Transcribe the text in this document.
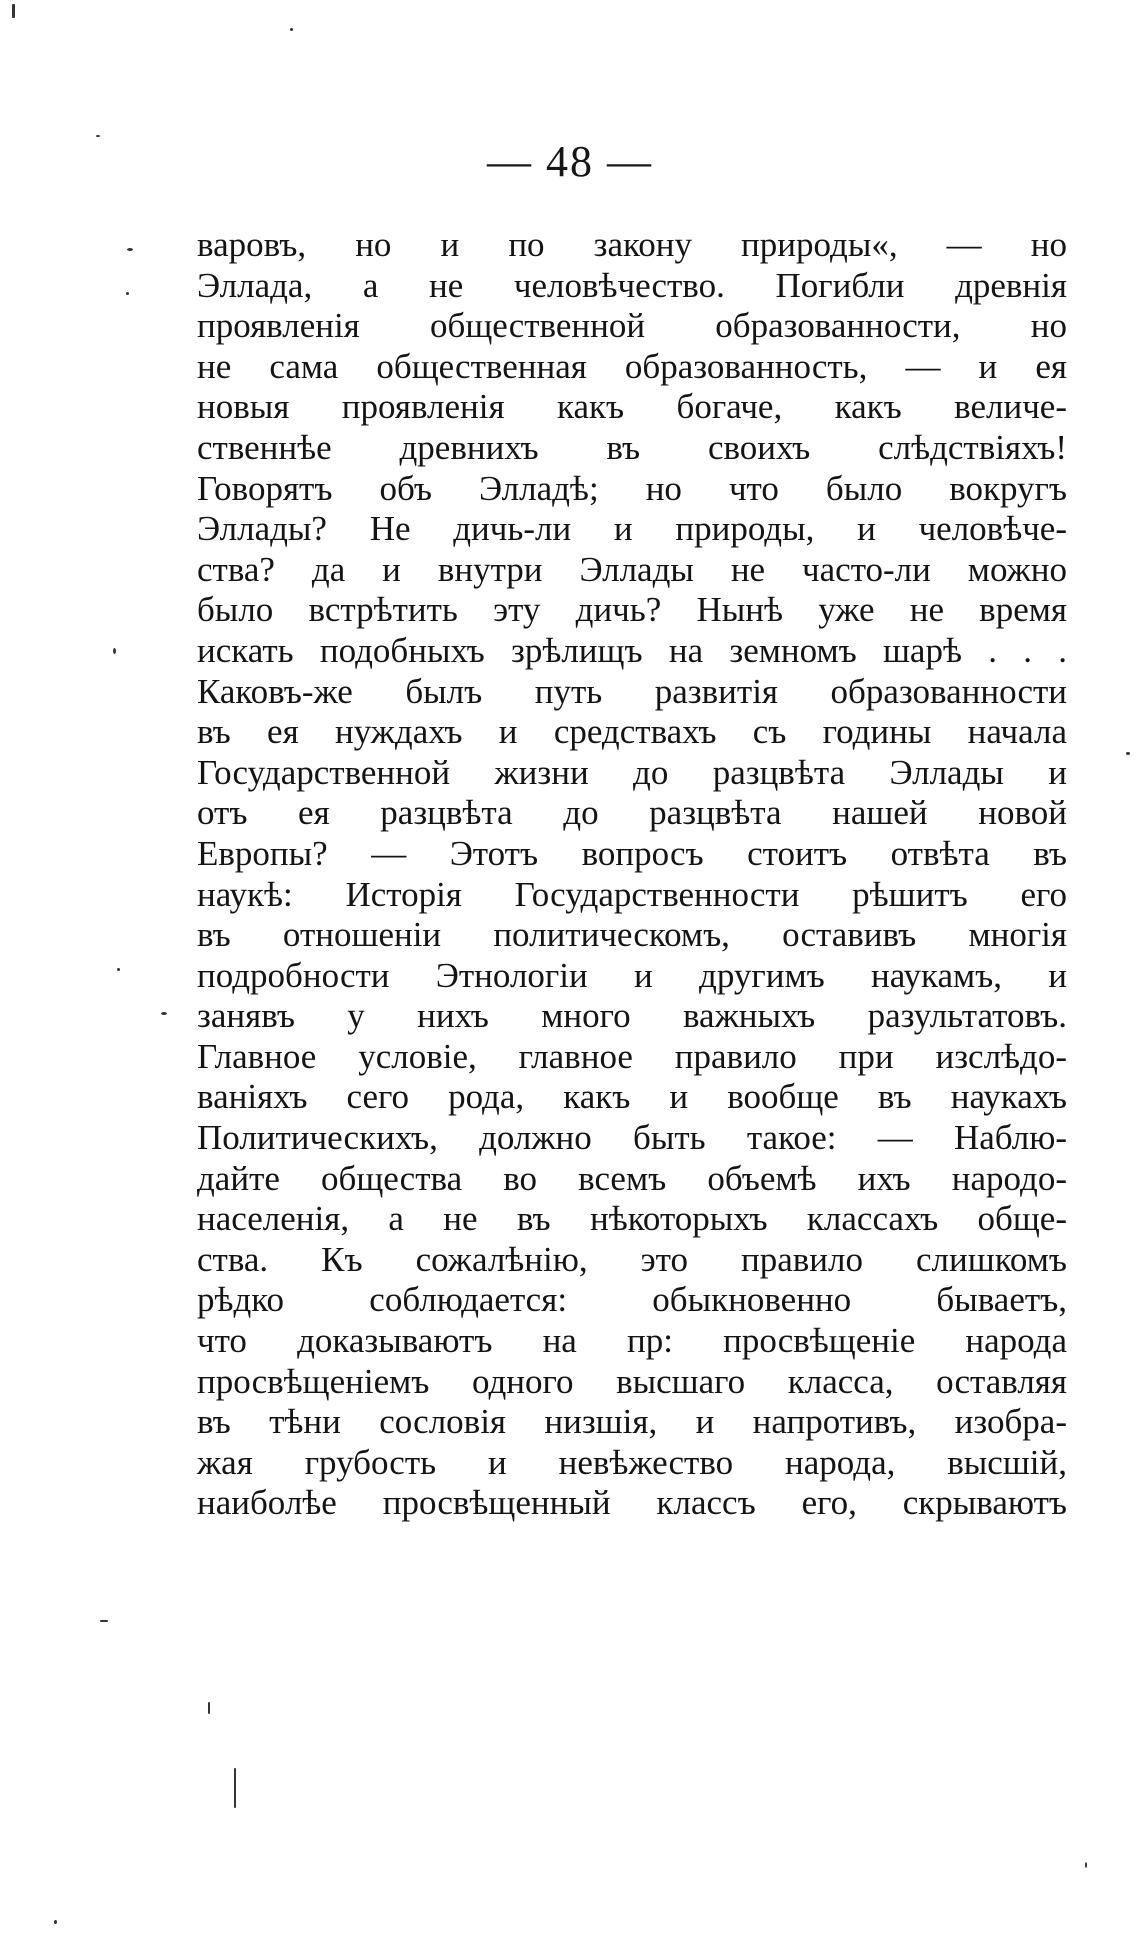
— 48 —
варовъ, но и по закону природы«, — но
Эллада, а не человѣчество. Погибли древнія
проявленія общественной образованности, но
не сама общественная образованность, — и ея
новыя проявленія какъ богаче, какъ величе-
ственнѣе древнихъ въ своихъ слѣдствіяхъ!
Говорятъ объ Элладѣ; но что было вокругъ
Эллады? Не дичь-ли и природы, и человѣче-
ства? да и внутри Эллады не часто-ли можно
было встрѣтить эту дичь? Нынѣ уже не время
искать подобныхъ зрѣлищъ на земномъ шарѣ . . .
Каковъ-же былъ путь развитія образованности
въ ея нуждахъ и средствахъ съ годины начала
Государственной жизни до разцвѣта Эллады и
отъ ея разцвѣта до разцвѣта нашей новой
Европы? — Этотъ вопросъ стоитъ отвѣта въ
наукѣ: Исторія Государственности рѣшитъ его
въ отношеніи политическомъ, оставивъ многія
подробности Этнологіи и другимъ наукамъ, и
занявъ у нихъ много важныхъ разультатовъ.
Главное условіе, главное правило при изслѣдо-
ваніяхъ сего рода, какъ и вообще въ наукахъ
Политическихъ, должно быть такое: — Наблю-
дайте общества во всемъ объемѣ ихъ народо-
населенія, а не въ нѣкоторыхъ классахъ обще-
ства. Къ сожалѣнію, это правило слишкомъ
рѣдко соблюдается: обыкновенно бываетъ,
что доказываютъ на пр: просвѣщеніе народа
просвѣщеніемъ одного высшаго класса, оставляя
въ тѣни сословія низшія, и напротивъ, изобра-
жая грубость и невѣжество народа, высшій,
наиболѣе просвѣщенный классъ его, скрываютъ
